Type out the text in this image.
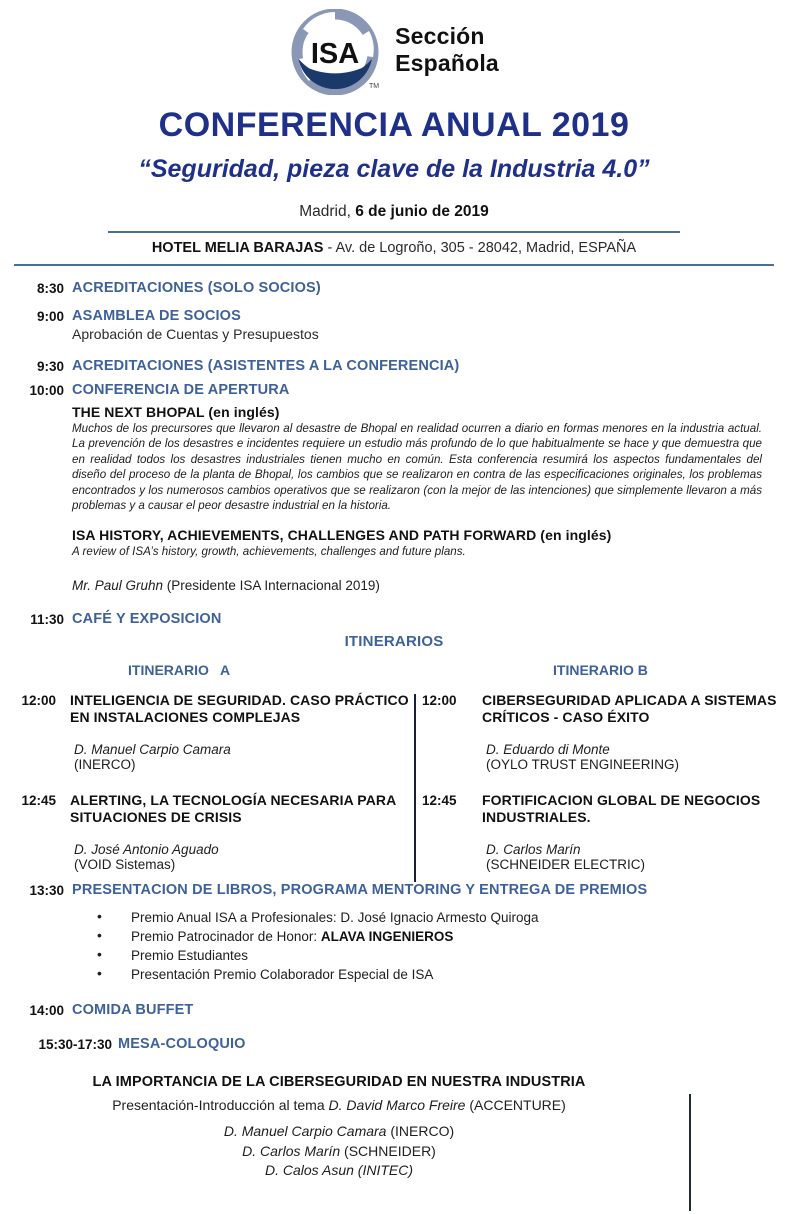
ISA
TM
Sección
Española
CONFERENCIA ANUAL 2019
“Seguridad, pieza clave de la Industria 4.0”
Madrid, 6 de junio de 2019
HOTEL MELIA BARAJAS - Av. de Logroño, 305 - 28042, Madrid, ESPAÑA
8:30 ACREDITACIONES (SOLO SOCIOS)
9:00 ASAMBLEA DE SOCIOS
Aprobación de Cuentas y Presupuestos
9:30 ACREDITACIONES (ASISTENTES A LA CONFERENCIA)
10:00 CONFERENCIA DE APERTURA
THE NEXT BHOPAL (en inglés)
Muchos de los precursores que llevaron al desastre de Bhopal en realidad ocurren a diario en formas menores en la industria actual. La prevención de los desastres e incidentes requiere un estudio más profundo de lo que habitualmente se hace y que demuestra que en realidad todos los desastres industriales tienen mucho en común. Esta conferencia resumirá los aspectos fundamentales del diseño del proceso de la planta de Bhopal, los cambios que se realizaron en contra de las especificaciones originales, los problemas encontrados y los numerosos cambios operativos que se realizaron (con la mejor de las intenciones) que simplemente llevaron a más problemas y a causar el peor desastre industrial en la historia.
ISA HISTORY, ACHIEVEMENTS, CHALLENGES AND PATH FORWARD (en inglés)
A review of ISA’s history, growth, achievements, challenges and future plans.
Mr. Paul Gruhn (Presidente ISA Internacional 2019)
11:30 CAFÉ Y EXPOSICION
ITINERARIOS
ITINERARIO   A	ITINERARIO B
12:00 INTELIGENCIA DE SEGURIDAD. CASO PRÁCTICO EN INSTALACIONES COMPLEJAS
D. Manuel Carpio Camara
(INERCO)
12:45 ALERTING, LA TECNOLOGÍA NECESARIA PARA SITUACIONES DE CRISIS
D. José Antonio Aguado
(VOID Sistemas)
12:00	CIBERSEGURIDAD APLICADA A SISTEMAS CRÍTICOS - CASO ÉXITO
D. Eduardo di Monte
(OYLO TRUST ENGINEERING)
12:45	FORTIFICACION GLOBAL DE NEGOCIOS INDUSTRIALES.
D. Carlos Marín
(SCHNEIDER ELECTRIC)
13:30 PRESENTACION DE LIBROS, PROGRAMA MENTORING Y ENTREGA DE PREMIOS
• Premio Anual ISA a Profesionales: D. José Ignacio Armesto Quiroga
• Premio Patrocinador de Honor: ALAVA INGENIEROS
• Premio Estudiantes
• Presentación Premio Colaborador Especial de ISA
14:00 COMIDA BUFFET
15:30-17:30 MESA-COLOQUIO
LA IMPORTANCIA DE LA CIBERSEGURIDAD EN NUESTRA INDUSTRIA
Presentación-Introducción al tema D. David Marco Freire (ACCENTURE)
D. Manuel Carpio Camara (INERCO)
D. Carlos Marín (SCHNEIDER)
D. Calos Asun (INITEC)
